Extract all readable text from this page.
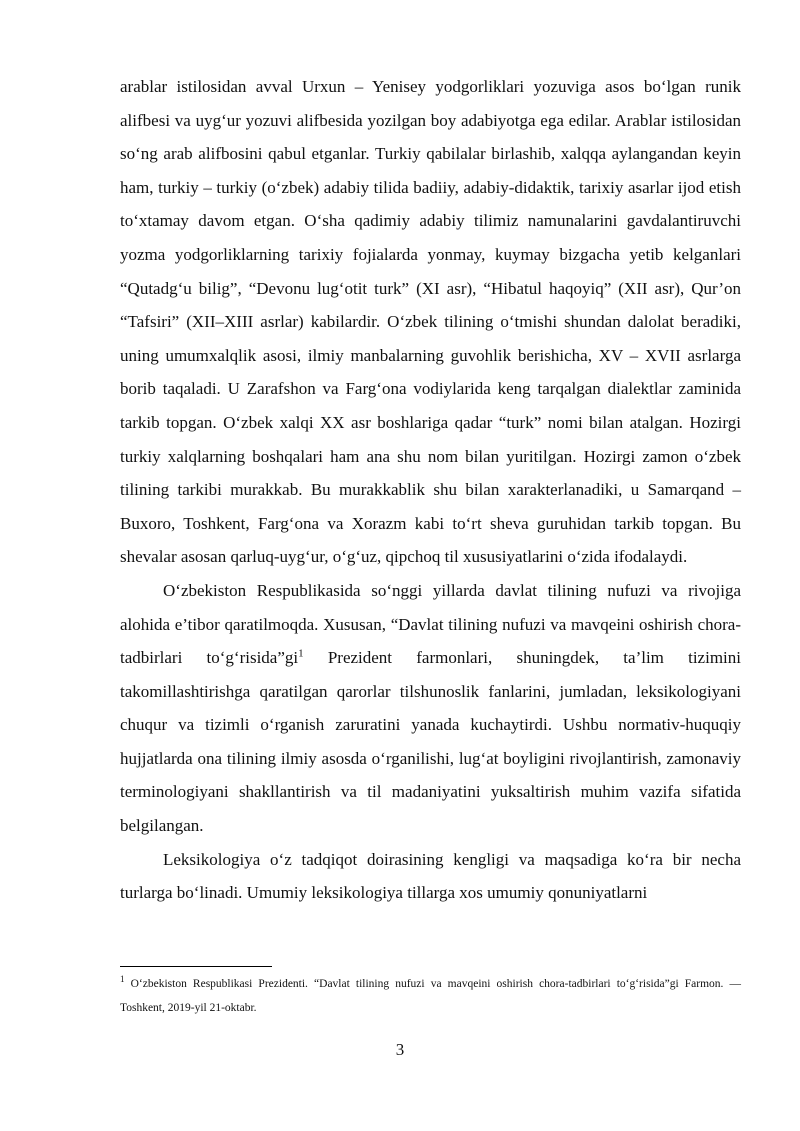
arablar istilosidan avval Urxun – Yenisey yodgorliklari yozuviga asos bo‘lgan runik alifbesi va uyg‘ur yozuvi alifbesida yozilgan boy adabiyotga ega edilar. Arablar istilosidan so‘ng arab alifbosini qabul etganlar. Turkiy qabilalar birlashib, xalqqa aylangandan keyin ham, turkiy – turkiy (o‘zbek) adabiy tilida badiiy, adabiy-didaktik, tarixiy asarlar ijod etish to‘xtamay davom etgan. O‘sha qadimiy adabiy tilimiz namunalarini gavdalantiruvchi yozma yodgorliklarning tarixiy fojialarda yonmay, kuymay bizgacha yetib kelganlari “Qutadg‘u bilig”, “Devonu lug‘otit turk” (XI asr), “Hibatul haqoyiq” (XII asr), Qur’on “Tafsiri” (XII–XIII asrlar) kabilardir. O‘zbek tilining o‘tmishi shundan dalolat beradiki, uning umumxalqlik asosi, ilmiy manbalarning guvohlik berishicha, XV – XVII asrlarga borib taqaladi. U Zarafshon va Farg‘ona vodiylarida keng tarqalgan dialektlar zaminida tarkib topgan. O‘zbek xalqi XX asr boshlariga qadar “turk” nomi bilan atalgan. Hozirgi turkiy xalqlarning boshqalari ham ana shu nom bilan yuritilgan. Hozirgi zamon o‘zbek tilining tarkibi murakkab. Bu murakkablik shu bilan xarakterlanadiki, u Samarqand – Buxoro, Toshkent, Farg‘ona va Xorazm kabi to‘rt sheva guruhidan tarkib topgan. Bu shevalar asosan qarluq-uyg‘ur, o‘g‘uz, qipchoq til xususiyatlarini o‘zida ifodalaydi.

O‘zbekiston Respublikasida so‘nggi yillarda davlat tilining nufuzi va rivojiga alohida e’tibor qaratilmoqda. Xususan, “Davlat tilining nufuzi va mavqeini oshirish chora-tadbirlari $to‘g‘risida”gi^1$ Prezident farmonlari, shuningdek, ta’lim tizimini takomillashtirishga qaratilgan qarorlar tilshunoslik fanlarini, jumladan, leksikologiyani chuqur va tizimli o‘rganish zaruratini yanada kuchaytirdi. Ushbu normativ-huquqiy hujjatlarda ona tilining ilmiy asosda o‘rganilishi, lug‘at boyligini rivojlantirish, zamonaviy terminologiyani shakllantirish va til madaniyatini yuksaltirish muhim vazifa sifatida belgilangan.

Leksikologiya o‘z tadqiqot doirasining kengligi va maqsadiga ko‘ra bir necha turlarga bo‘linadi. Umumiy leksikologiya tillarga xos umumiy qonuniyatlarni

$^1$ O‘zbekiston Respublikasi Prezidenti. “Davlat tilining nufuzi va mavqeini oshirish chora-tadbirlari to‘g‘risida”gi Farmon. — Toshkent, 2019-yil 21-oktabr.

3
